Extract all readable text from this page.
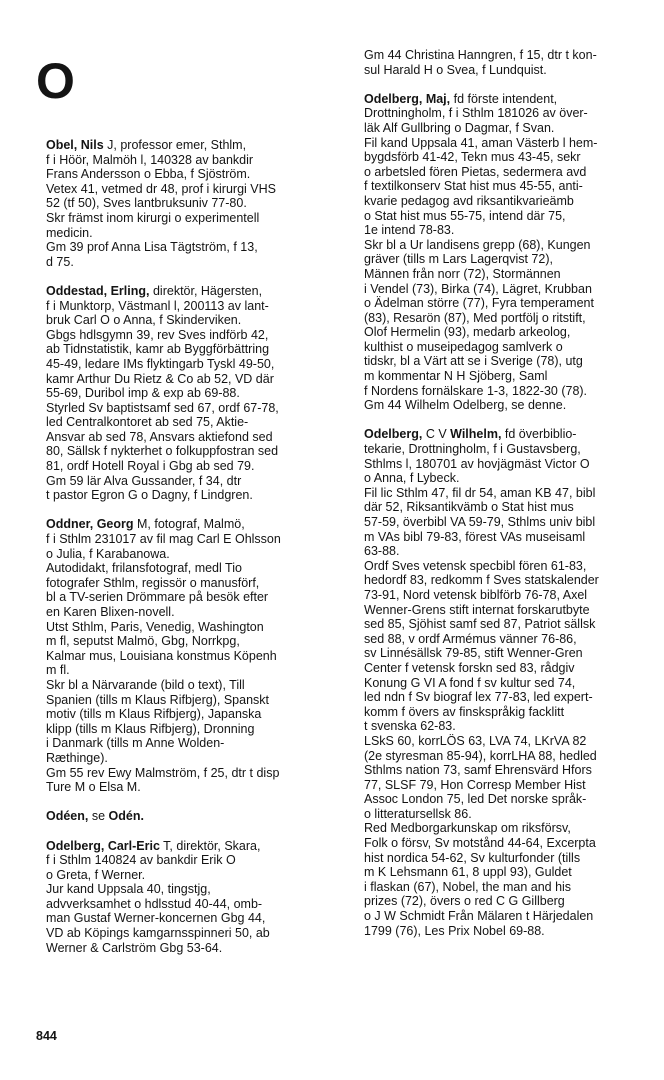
O
Obel, Nils J, professor emer, Sthlm,
f i Höör, Malmöh l, 140328 av bankdir
Frans Andersson o Ebba, f Sjöström.
Vetex 41, vetmed dr 48, prof i kirurgi VHS
52 (tf 50), Sves lantbruksuniv 77-80.
Skr främst inom kirurgi o experimentell
medicin.
Gm 39 prof Anna Lisa Tägtström, f 13,
d 75.
Oddestad, Erling, direktör, Hägersten,
f i Munktorp, Västmanl l, 200113 av lant-
bruk Carl O o Anna, f Skinderviken.
Gbgs hdlsgymn 39, rev Sves indförb 42,
ab Tidnstatistik, kamr ab Byggförbättring
45-49, ledare IMs flyktingarb Tyskl 49-50,
kamr Arthur Du Rietz & Co ab 52, VD där
55-69, Duribol imp & exp ab 69-88.
Styrled Sv baptistsamf sed 67, ordf 67-78,
led Centralkontoret ab sed 75, Aktie-
Ansvar ab sed 78, Ansvars aktiefond sed
80, Sällsk f nykterhet o folkuppfostran sed
81, ordf Hotell Royal i Gbg ab sed 79.
Gm 59 lär Alva Gussander, f 34, dtr
t pastor Egron G o Dagny, f Lindgren.
Oddner, Georg M, fotograf, Malmö,
f i Sthlm 231017 av fil mag Carl E Ohlsson
o Julia, f Karabanowa.
Autodidakt, frilansfotograf, medl Tio
fotografer Sthlm, regissör o manusförf,
bl a TV-serien Drömmare på besök efter
en Karen Blixen-novell.
Utst Sthlm, Paris, Venedig, Washington
m fl, seputst Malmö, Gbg, Norrkpg,
Kalmar mus, Louisiana konstmus Köpenh
m fl.
Skr bl a Närvarande (bild o text), Till
Spanien (tills m Klaus Rifbjerg), Spanskt
motiv (tills m Klaus Rifbjerg), Japanska
klipp (tills m Klaus Rifbjerg), Dronning
i Danmark (tills m Anne Wolden-
Ræthinge).
Gm 55 rev Ewy Malmström, f 25, dtr t disp
Ture M o Elsa M.
Odéen, se Odén.
Odelberg, Carl-Eric T, direktör, Skara,
f i Sthlm 140824 av bankdir Erik O
o Greta, f Werner.
Jur kand Uppsala 40, tingstjg,
advverksamhet o hdlsstud 40-44, omb-
man Gustaf Werner-koncernen Gbg 44,
VD ab Köpings kamgarnsspinneri 50, ab
Werner & Carlström Gbg 53-64.
Gm 44 Christina Hanngren, f 15, dtr t kon-
sul Harald H o Svea, f Lundquist.
Odelberg, Maj, fd förste intendent,
Drottningholm, f i Sthlm 181026 av över-
läk Alf Gullbring o Dagmar, f Svan.
Fil kand Uppsala 41, aman Västerb l hem-
bygdsförb 41-42, Tekn mus 43-45, sekr
o arbetsled fören Pietas, sedermera avd
f textilkonserv Stat hist mus 45-55, anti-
kvarie pedagog avd riksantikvarieämb
o Stat hist mus 55-75, intend där 75,
1e intend 78-83.
Skr bl a Ur landisens grepp (68), Kungen
gräver (tills m Lars Lagerqvist 72),
Männen från norr (72), Stormännen
i Vendel (73), Birka (74), Lägret, Krubban
o Ädelman större (77), Fyra temperament
(83), Resarön (87), Med portfölj o ritstift,
Olof Hermelin (93), medarb arkeolog,
kulthist o museipedagog samlverk o
tidskr, bl a Värt att se i Sverige (78), utg
m kommentar N H Sjöberg, Saml
f Nordens fornälskare 1-3, 1822-30 (78).
Gm 44 Wilhelm Odelberg, se denne.
Odelberg, C V Wilhelm, fd överbiblio-
tekarie, Drottningholm, f i Gustavsberg,
Sthlms l, 180701 av hovjägmäst Victor O
o Anna, f Lybeck.
Fil lic Sthlm 47, fil dr 54, aman KB 47, bibl
där 52, Riksantikvämb o Stat hist mus
57-59, överbibl VA 59-79, Sthlms univ bibl
m VAs bibl 79-83, förest VAs museisaml
63-88.
Ordf Sves vetensk specbibl fören 61-83,
hedordf 83, redkomm f Sves statskalender
73-91, Nord vetensk biblförb 76-78, Axel
Wenner-Grens stift internat forskarutbyte
sed 85, Sjöhist samf sed 87, Patriot sällsk
sed 88, v ordf Armémus vänner 76-86,
sv Linnésällsk 79-85, stift Wenner-Gren
Center f vetensk forskn sed 83, rådgiv
Konung G VI A fond f sv kultur sed 74,
led ndn f Sv biograf lex 77-83, led expert-
komm f övers av finskspråkig facklitt
t svenska 62-83.
LSkS 60, korrLÖS 63, LVA 74, LKrVA 82
(2e styresman 85-94), korrLHA 88, hedled
Sthlms nation 73, samf Ehrensvärd Hfors
77, SLSF 79, Hon Corresp Member Hist
Assoc London 75, led Det norske språk-
o litteratursellsk 86.
Red Medborgarkunskap om riksförsv,
Folk o försv, Sv motstånd 44-64, Excerpta
hist nordica 54-62, Sv kulturfonder (tills
m K Lehsmann 61, 8 uppl 93), Guldet
i flaskan (67), Nobel, the man and his
prizes (72), övers o red C G Gillberg
o J W Schmidt Från Mälaren t Härjedalen
1799 (76), Les Prix Nobel 69-88.
844
